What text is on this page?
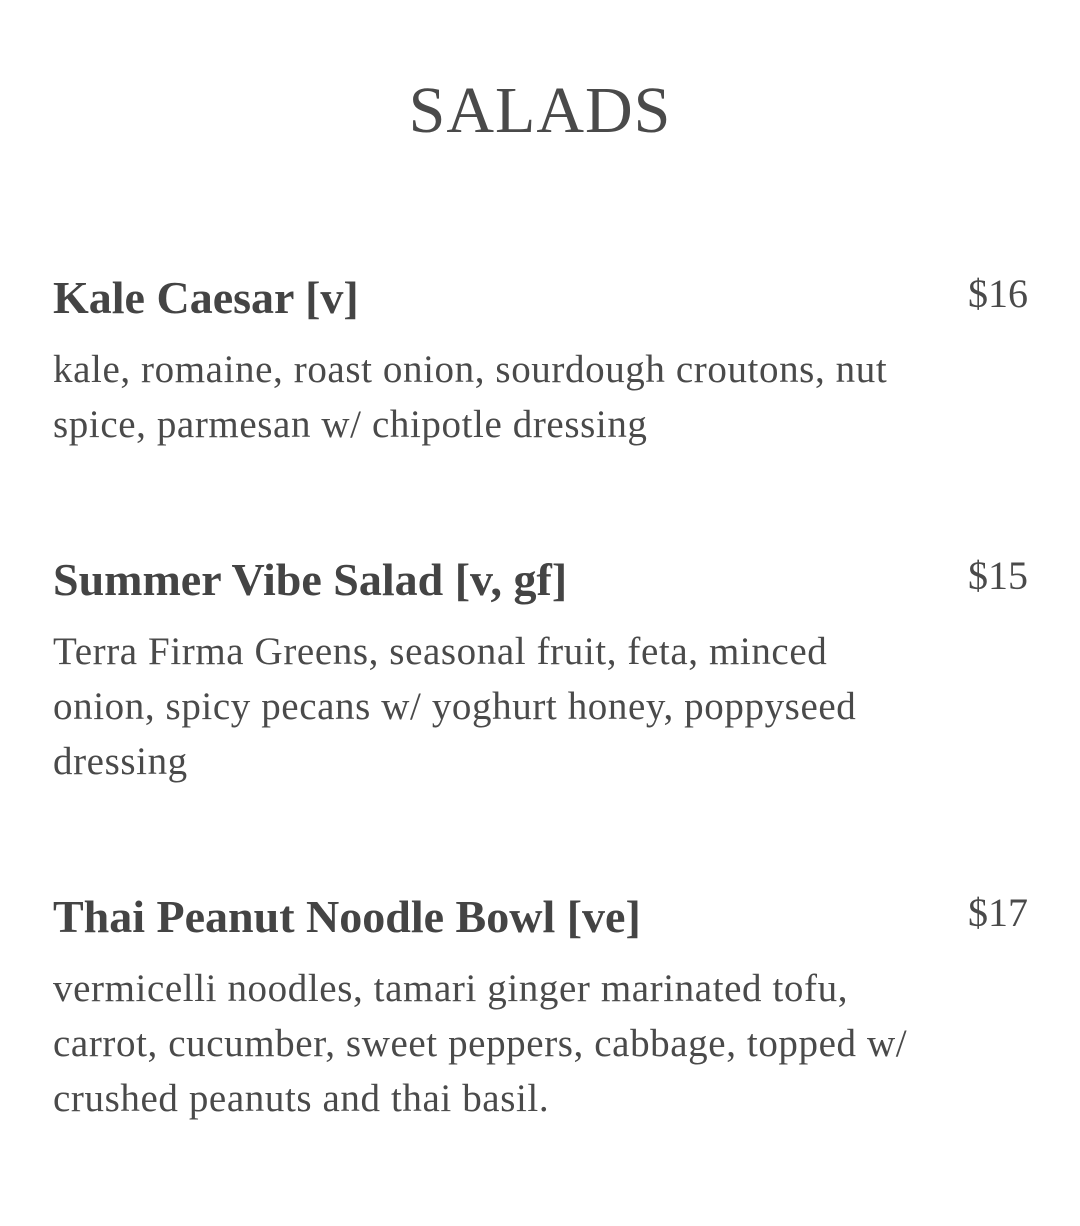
SALADS
Kale Caesar [v]	$16
kale, romaine, roast onion, sourdough croutons, nut spice, parmesan w/ chipotle dressing
Summer Vibe Salad [v, gf]	$15
Terra Firma Greens, seasonal fruit, feta, minced onion, spicy pecans w/ yoghurt honey, poppyseed dressing
Thai Peanut Noodle Bowl [ve]	$17
vermicelli noodles, tamari ginger marinated tofu, carrot, cucumber, sweet peppers, cabbage, topped w/ crushed peanuts and thai basil.
